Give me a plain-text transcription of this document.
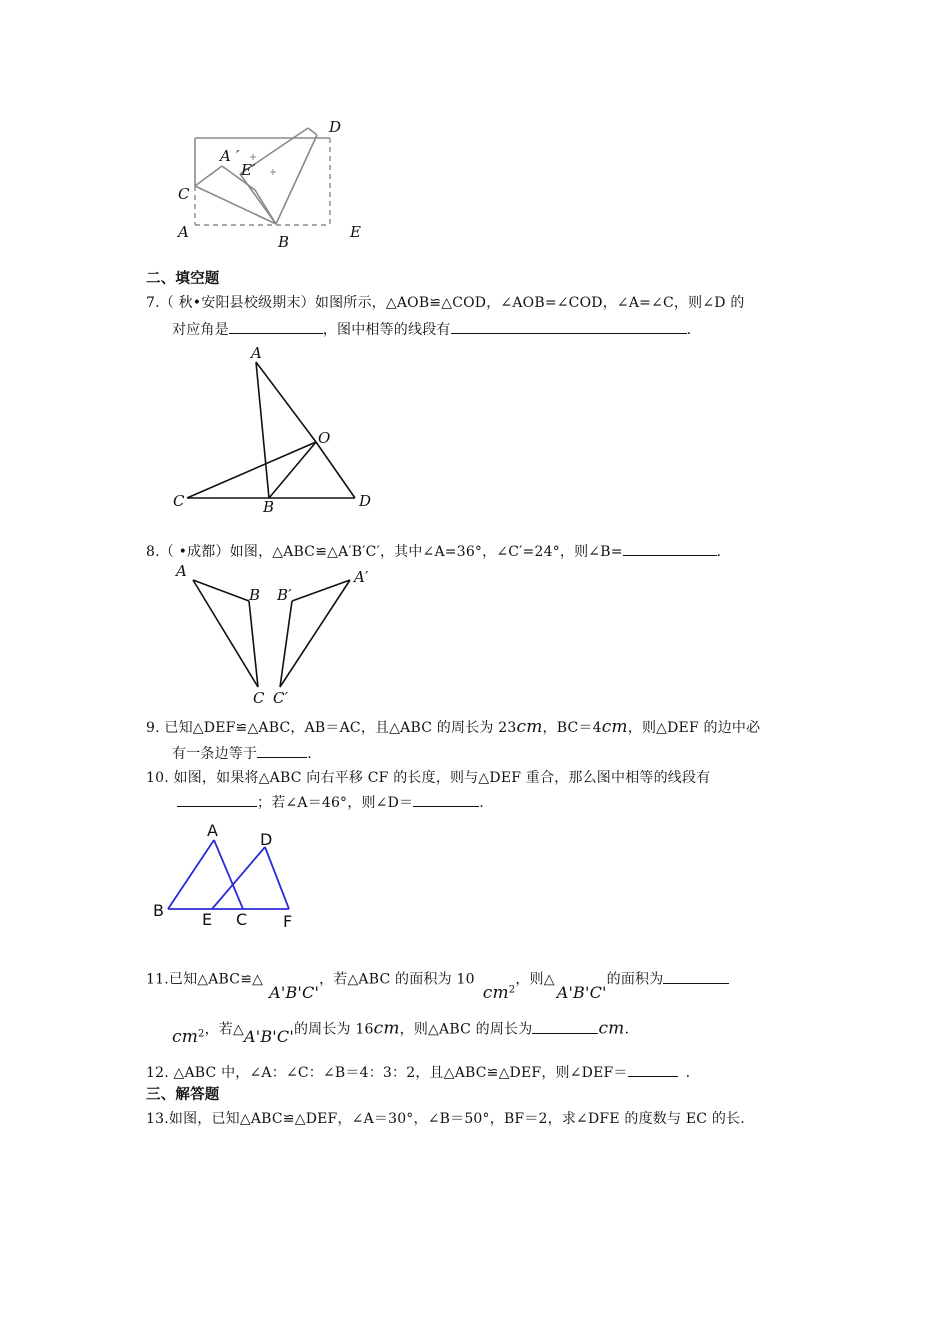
D
A ′
E′
C
A
B
E
二、填空题
7.（ 秋•安阳县校级期末）如图所示，△AOB≌△COD，∠AOB=∠COD，∠A=∠C，则∠D 的
对应角是	，图中相等的线段有	.
A
O
C	B	D
8.（ •成都）如图，△ABC≌△A′B′C′，其中∠A=36°，∠C′=24°，则∠B=	.
A
B B′
A′
C C′
9. 已知△DEF≌△ABC，AB＝AC，且△ABC 的周长为 23cm，BC＝4cm，则△DEF 的边中必
有一条边等于	.
10. 如图，如果将△ABC 向右平移 CF 的长度，则与△DEF 重合，那么图中相等的线段有
；若∠A＝46°，则∠D＝	.
A	D
B E C F
11.已知△ABC≌△A'B'C'，若△ABC 的面积为 $10cm^2$，则△A'B'C'的面积为
$cm^2$，若△A'B'C'的周长为 16cm，则△ABC 的周长为	cm.
12. △ABC 中，∠A：∠C：∠B＝4：3：2，且△ABC≌△DEF，则∠DEF＝	.
三、解答题
13.如图，已知△ABC≌△DEF，∠A＝30°，∠B＝50°，BF＝2，求∠DFE 的度数与 EC 的长.
